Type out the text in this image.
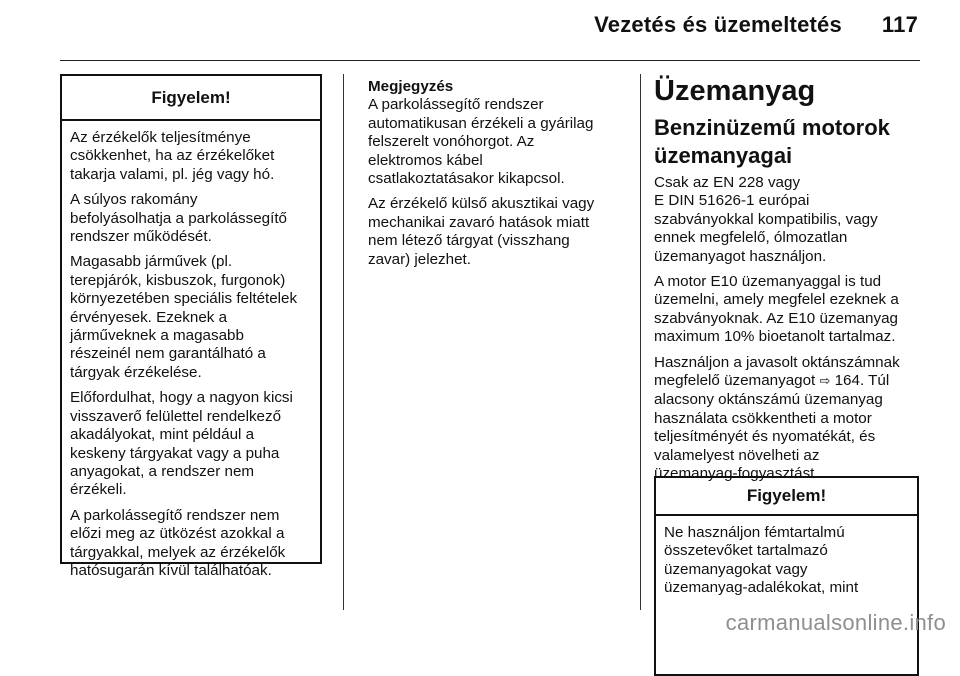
Vezetés és üzemeltetés 117
Figyelem!

Az érzékelők teljesítménye
csökkenhet, ha az érzékelőket
takarja valami, pl. jég vagy hó.

A súlyos rakomány
befolyásolhatja a parkolássegítő
rendszer működését.

Magasabb járművek (pl.
terepjárók, kisbuszok, furgonok)
környezetében speciális feltételek
érvényesek. Ezeknek a
járműveknek a magasabb
részeinél nem garantálható a
tárgyak érzékelése.

Előfordulhat, hogy a nagyon kicsi
visszaverő felülettel rendelkező
akadályokat, mint például a
keskeny tárgyakat vagy a puha
anyagokat, a rendszer nem
érzékeli.

A parkolássegítő rendszer nem
előzi meg az ütközést azokkal a
tárgyakkal, melyek az érzékelők
hatósugarán kívül találhatóak.

Megjegyzés

A parkolássegítő rendszer
automatikusan érzékeli a gyárilag
felszerelt vonóhorgot. Az
elektromos kábel
csatlakoztatásakor kikapcsol.

Az érzékelő külső akusztikai vagy
mechanikai zavaró hatások miatt
nem létező tárgyat (visszhang
zavar) jelezhet.

Üzemanyag
Benzinüzemű motorok
üzemanyagai

Csak az EN 228 vagy
E DIN 51626-1 európai
szabványokkal kompatibilis, vagy
ennek megfelelő, ólmozatlan
üzemanyagot használjon.

A motor E10 üzemanyaggal is tud
üzemelni, amely megfelel ezeknek a
szabványoknak. Az E10 üzemanyag
maximum 10% bioetanolt tartalmaz.

Használjon a javasolt oktánszámnak
megfelelő üzemanyagot ⇨ 164. Túl
alacsony oktánszámú üzemanyag
használata csökkentheti a motor
teljesítményét és nyomatékát, és
valamelyest növelheti az
üzemanyag-fogyasztást.

Figyelem!

Ne használjon fémtartalmú
összetevőket tartalmazó
üzemanyagokat vagy
üzemanyag-adalékokat, mint

carmanualsonline.info
